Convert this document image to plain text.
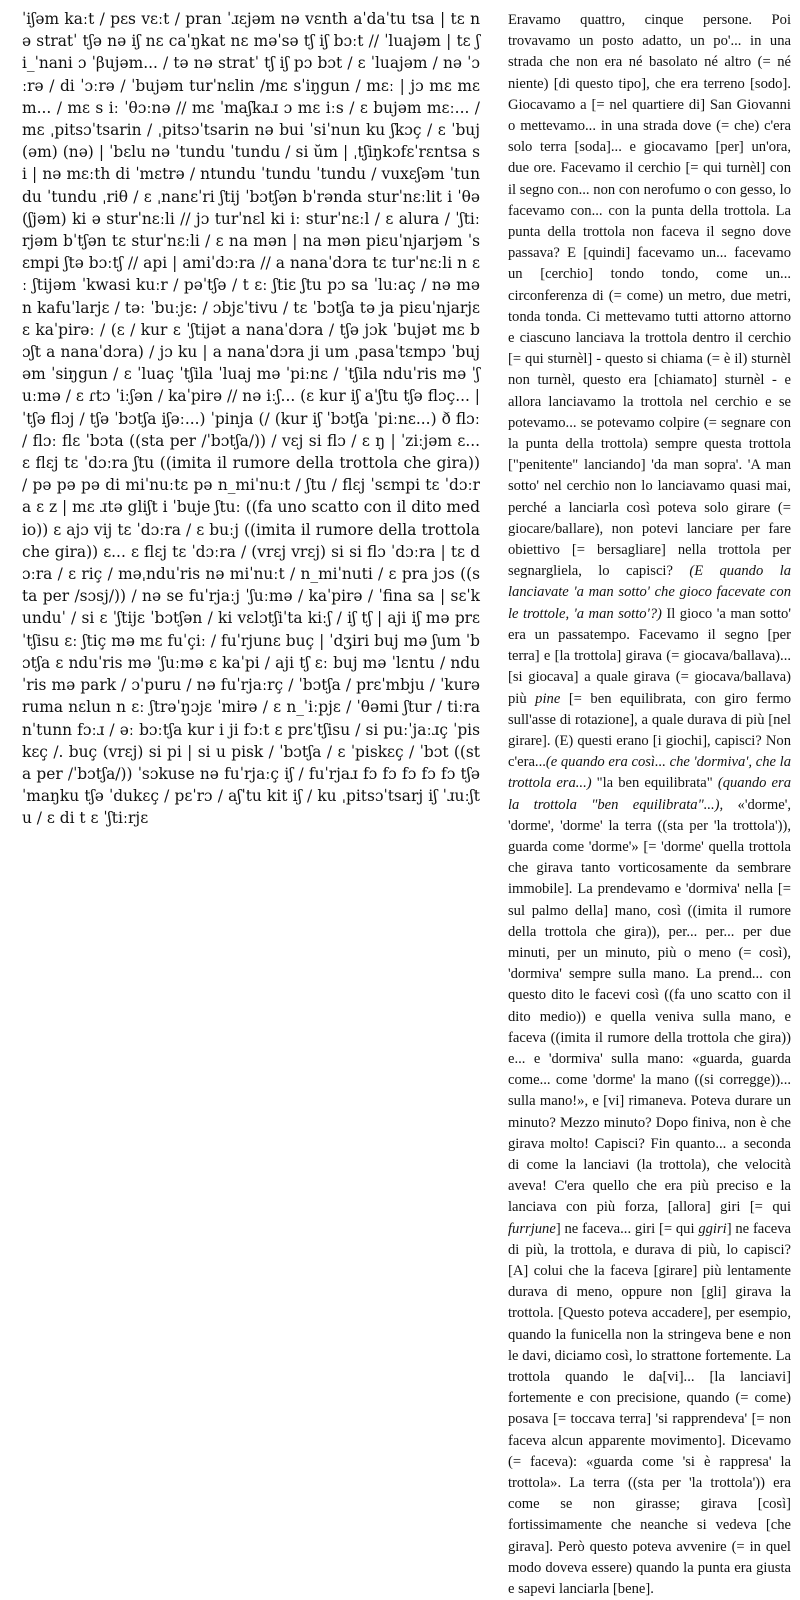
ˈiʃəm kaːt / pɛs vɛːt / pran ˈɹɛjəm nə vɛnth aˈdaˈtu tsa | tɛ nə stratˈ tʃə nə iʃ nɛ caˈŋkat nɛ məˈsə tʃ iʃ bɔːt // ˈluajəm | tɛ ʃi_ˈnani ɔ ˈβujəm... / tə nə stratˈ tʃ iʃ pɔ bɔt / ɛ ˈluajəm / nə ˈɔːrə / di ˈɔːrə / ˈbujəm turˈnɛlin /mɛ sˈiŋgun / mɛː | jɔ mɛ mɛ m... / mɛ s iː ˈθɔːnə // mɛ ˈmaʃkaɹ ɔ mɛ iːs / ɛ bujəm mɛː... / mɛ ˌpitsɔˈtsarin / ˌpitsɔˈtsarin nə bui ˈsiˈnun ku ʃkɔç / ɛ ˈbuj(əm) (nə) | ˈbɛlu nə ˈtundu ˈtundu / si ŭm | ˌtʃiŋkɔfɛˈrɛntsa si | nə mɛːth di ˈmɛtrə / ntundu ˈtundu ˈtundu / vuxɛʃəm ˈtundu ˈtundu ˌriθ / ɛ ˌnanɛˈri ʃtij ˈbɔtʃən bˈrənda sturˈnɛːlit i ˈθə(ʃjəm) ki ə sturˈnɛːli // jɔ turˈnɛl ki iː sturˈnɛːl / ɛ alura / ˈʃtiːrjəm bˈtʃən tɛ sturˈnɛːli / ɛ na mən | na mən piɛuˈnjarjəm ˈsɛmpi ʃtə bɔːtʃ // api | amiˈdɔːra // a nanaˈdɔra tɛ turˈnɛːli n ɛː ʃtijəm ˈkwasi kuːr / pəˈtʃə / t ɛː ʃtiɛ ʃtu pɔ sa ˈluːaç / nə mən kafuˈlarjɛ / təː ˈbuːjɛ: / ɔbjɛˈtivu / tɛ ˈbɔtʃa tə ja piɛuˈnjarjɛ ɛ kaˈpirəː / (ɛ / kur ɛ ˈʃtijət a nanaˈdɔra / tʃə jɔk ˈbujət mɛ bɔʃt a nanaˈdɔra) / jɔ ku | a nanaˈdɔra ji um ˌpasaˈtɛmpɔ ˈbujəm ˈsiŋgun / ɛ ˈluaç ˈtʃila ˈluaj mə ˈpiːnɛ / ˈtʃila nduˈris mə ˈʃuːmə / ɛ ɾtɔ ˈiːʃən / kaˈpirə // nə iːʃ... (ɛ kur iʃ aˈʃtu tʃə flɔç... | ˈtʃə flɔj / tʃə ˈbɔtʃa iʃəː...) ˈpinja (/ (kur iʃ ˈbɔtʃa ˈpiːnɛ...) ð flɔː / flɔː flɛ ˈbɔta ((sta per /ˈbɔtʃa/)) / vɛj si flɔ / ɛ ŋ | ˈziːjəm ɛ... ɛ flɛj tɛ ˈdɔːra ʃtu ((imita il rumore della trottola che gira)) / pə pə pə di miˈnuːtɛ pə n_miˈnuːt / ʃtu / flɛj ˈsɛmpi tɛ ˈdɔːra ɛ z | mɛ ɹtə gliʃt i ˈbuje ʃtuː ((fa uno scatto con il dito medio)) ɛ ajɔ vij tɛ ˈdɔːra / ɛ buːj ((imita il rumore della trottola che gira)) ɛ... ɛ flɛj tɛ ˈdɔːra / (vrɛj vrɛj) si si flɔ ˈdɔːra | tɛ dɔːra / ɛ riç / məˌnduˈris nə miˈnuːt / n_miˈnuti / ɛ pra jɔs ((sta per /sɔsj/)) / nə se fuˈrjaːj ˈʃuːmə / kaˈpirə / ˈfina sa | sɛˈkunduˈ / si ɛ ˈʃtijɛ ˈbɔtʃən / ki vɛlɔtʃiˈta kiːʃ / iʃ tʃ | aji iʃ mə prɛˈtʃisu ɛː ʃtiç mə mɛ fuˈçiː / fuˈrjunɛ buç | ˈdʒiri buj mə ʃum ˈbɔtʃa ɛ nduˈris mə ˈʃuːmə ɛ kaˈpi / aji tʃ ɛː buj mə ˈlɛntu / nduˈris mə park / ɔˈpuru / nə fuˈrjaːrç / ˈbɔtʃa / prɛˈmbju / ˈkurə ruma nɛlun n ɛː ʃtrəˈŋɔjɛ ˈmirə / ɛ n_ˈiːpjɛ / ˈθəmi ʃtur / tiːranˈtunn fɔːɹ / əː bɔːtʃa kur i ji fɔːt ɛ prɛˈtʃisu / si puːˈjaːɹç ˈpiskɛç /. buç (vrɛj) si pi | si u pisk / ˈbɔtʃa / ɛ ˈpiskɛç / ˈbɔt ((sta per /ˈbɔtʃa/)) ˈsɔkuse nə fuˈrjaːç iʃ / fuˈrjaɹ fɔ fɔ fɔ fɔ fɔ tʃə ˈmaŋku tʃə ˈdukɛç / pɛˈrɔ / aʃˈtu kit iʃ / ku ˌpitsɔˈtsarj iʃ ˈɹuːʃtu / ɛ di t ɛ ˈʃtiːrjɛ

Eravamo quattro, cinque persone. Poi trovavamo un posto adatto, un po'... in una strada che non era né basolato né altro (= né niente) [di questo tipo], che era terreno [sodo]. Giocavamo a [= nel quartiere di] San Giovanni o mettevamo... in una strada dove (= che) c'era solo terra [soda]... e giocavamo [per] un'ora, due ore. Facevamo il cerchio [= qui turnèl] con il segno con... non con nerofumo o con gesso, lo facevamo con... con la punta della trottola. La punta della trottola non faceva il segno dove passava? E [quindi] facevamo un... facevamo un [cerchio] tondo tondo, come un... circonferenza di (= come) un metro, due metri, tonda tonda. Ci mettevamo tutti attorno attorno e ciascuno lanciava la trottola dentro il cerchio [= qui sturnèl] - questo si chiama (= è il) sturnèl non turnèl, questo era [chiamato] sturnèl - e allora lanciavamo la trottola nel cerchio e se potevamo... se potevamo colpire (= segnare con la punta della trottola) sempre questa trottola ["penitente" lanciando] 'da man sopra'. 'A man sotto' nel cerchio non lo lanciavamo quasi mai, perché a lanciarla così poteva solo girare (= giocare/ballare), non potevi lanciare per fare obiettivo [= bersagliare] nella trottola per segnargliela, lo capisci? (E quando la lanciavate 'a man sotto' che gioco facevate con le trottole, 'a man sotto'?) Il gioco 'a man sotto' era un passatempo. Facevamo il segno [per terra] e [la trottola] girava (= giocava/ballava)...[si giocava] a quale girava (= giocava/ballava) più pine [= ben equilibrata, con giro fermo sull'asse di rotazione], a quale durava di più [nel girare]. (E) questi erano [i giochi], capisci? Non c'era...(e quando era così... che 'dormiva', che la trottola era...) "la ben equilibrata" (quando era la trottola "ben equilibrata"...), «'dorme', 'dorme', 'dorme' la terra ((sta per 'la trottola')), guarda come 'dorme'» [= 'dorme' quella trottola che girava tanto vorticosamente da sembrare immobile]. La prendevamo e 'dormiva' nella [= sul palmo della] mano, così ((imita il rumore della trottola che gira)), per... per... per due minuti, per un minuto, più o meno (= così), 'dormiva' sempre sulla mano. La prend... con questo dito le facevi così ((fa uno scatto con il dito medio)) e quella veniva sulla mano, e faceva ((imita il rumore della trottola che gira)) e... e 'dormiva' sulla mano: «guarda, guarda come... come 'dorme' la mano ((si corregge))... sulla mano!», e [vi] rimaneva. Poteva durare un minuto? Mezzo minuto? Dopo finiva, non è che girava molto! Capisci? Fin quanto... a seconda di come la lanciavi (la trottola), che velocità aveva! C'era quello che era più preciso e la lanciava con più forza, [allora] giri [= qui furrjune] ne faceva... giri [= qui ggiri] ne faceva di più, la trottola, e durava di più, lo capisci? [A] colui che la faceva [girare] più lentamente durava di meno, oppure non [gli] girava la trottola. [Questo poteva accadere], per esempio, quando la funicella non la stringeva bene e non le davi, diciamo così, lo strattone fortemente. La trottola quando le da[vi]... [la lanciavi] fortemente e con precisione, quando (= come) posava [= toccava terra] 'si rapprendeva' [= non faceva alcun apparente movimento]. Dicevamo (= faceva): «guarda come 'si è rappresa' la trottola». La terra ((sta per 'la trottola')) era come se non girasse; girava [così] fortissimamente che neanche si vedeva [che girava]. Però questo poteva avvenire (= in quel modo doveva essere) quando la punta era giusta e sapevi lanciarla [bene].
